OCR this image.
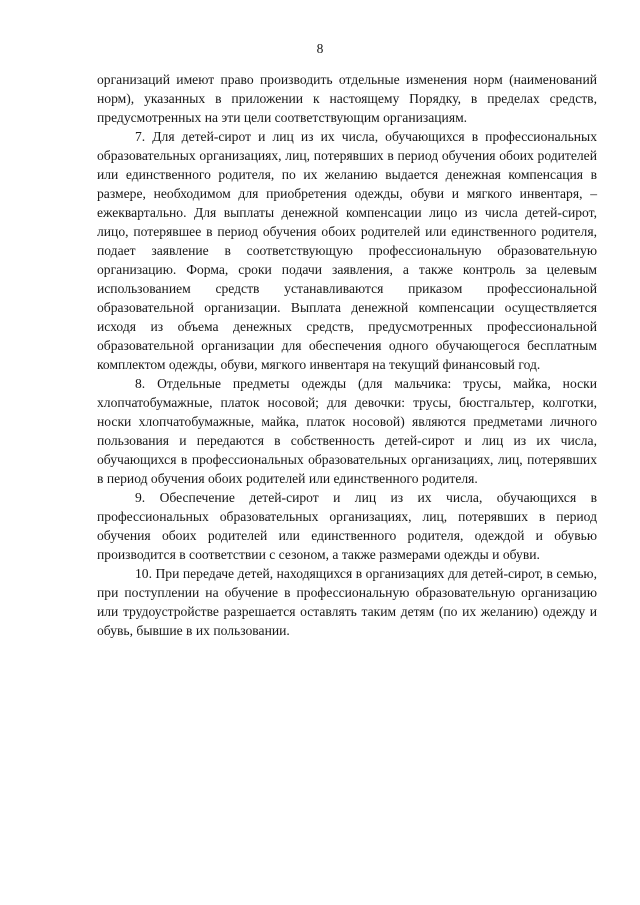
8

организаций имеют право производить отдельные изменения норм (наименований норм), указанных в приложении к настоящему Порядку, в пределах средств, предусмотренных на эти цели соответствующим организациям.

7. Для детей-сирот и лиц из их числа, обучающихся в профессиональных образовательных организациях, лиц, потерявших в период обучения обоих родителей или единственного родителя, по их желанию выдается денежная компенсация в размере, необходимом для приобретения одежды, обуви и мягкого инвентаря, – ежеквартально. Для выплаты денежной компенсации лицо из числа детей-сирот, лицо, потерявшее в период обучения обоих родителей или единственного родителя, подает заявление в соответствующую профессиональную образовательную организацию. Форма, сроки подачи заявления, а также контроль за целевым использованием средств устанавливаются приказом профессиональной образовательной организации. Выплата денежной компенсации осуществляется исходя из объема денежных средств, предусмотренных профессиональной образовательной организации для обеспечения одного обучающегося бесплатным комплектом одежды, обуви, мягкого инвентаря на текущий финансовый год.

8. Отдельные предметы одежды (для мальчика: трусы, майка, носки хлопчатобумажные, платок носовой; для девочки: трусы, бюстгальтер, колготки, носки хлопчатобумажные, майка, платок носовой) являются предметами личного пользования и передаются в собственность детей-сирот и лиц из их числа, обучающихся в профессиональных образовательных организациях, лиц, потерявших в период обучения обоих родителей или единственного родителя.

9. Обеспечение детей-сирот и лиц из их числа, обучающихся в профессиональных образовательных организациях, лиц, потерявших в период обучения обоих родителей или единственного родителя, одеждой и обувью производится в соответствии с сезоном, а также размерами одежды и обуви.

10. При передаче детей, находящихся в организациях для детей-сирот, в семью, при поступлении на обучение в профессиональную образовательную организацию или трудоустройстве разрешается оставлять таким детям (по их желанию) одежду и обувь, бывшие в их пользовании.
